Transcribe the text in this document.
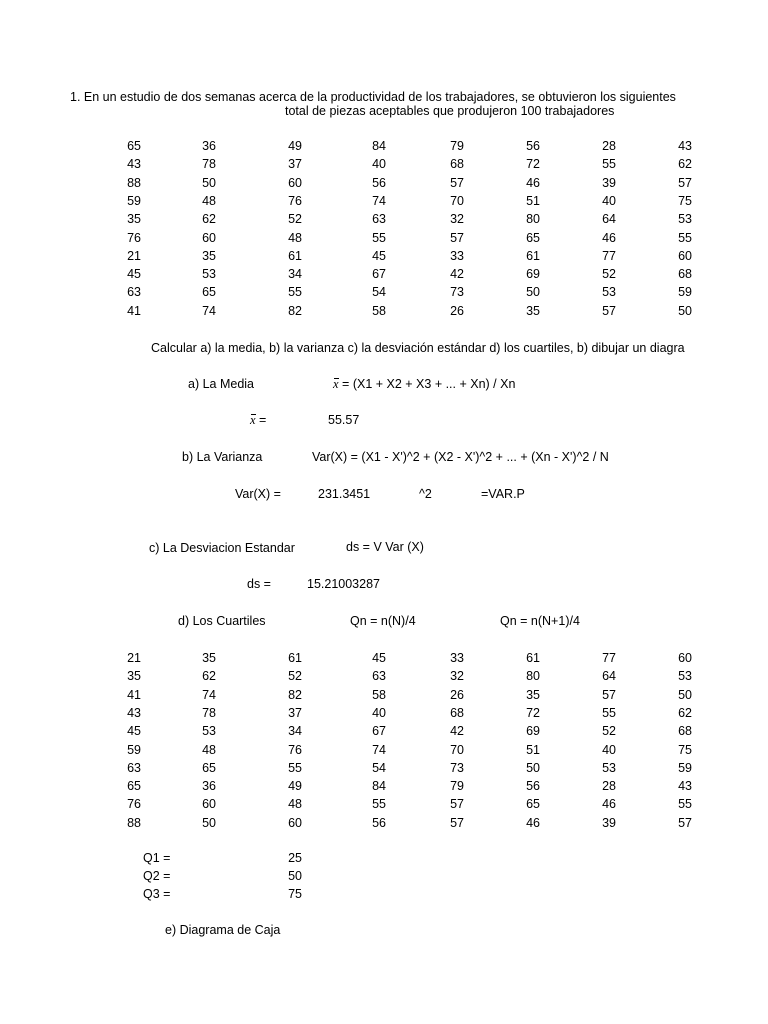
1. En un estudio de dos semanas acerca de la productividad de los trabajadores, se obtuvieron los siguientes
total de piezas aceptables que produjeron 100 trabajadores
65	36	49	84	79	56	28	43
43	78	37	40	68	72	55	62
88	50	60	56	57	46	39	57
59	48	76	74	70	51	40	75
35	62	52	63	32	80	64	53
76	60	48	55	57	65	46	55
21	35	61	45	33	61	77	60
45	53	34	67	42	69	52	68
63	65	55	54	73	50	53	59
41	74	82	58	26	35	57	50
Calcular a) la media, b) la varianza c) la desviación estándar d) los cuartiles, b) dibujar un diagra
a) La Media	x = (X1 + X2 + X3 + ... + Xn) / Xn
x =	55.57
b) La Varianza	Var(X) = (X1 - X')^2 + (X2 - X')^2 + ... + (Xn - X')^2 / N
Var(X) =	231.3451	^2	=VAR.P
c) La Desviacion Estandar	ds = V Var (X)
ds =	15.21003287
d) Los Cuartiles	Qn = n(N)/4	Qn = n(N+1)/4
21	35	61	45	33	61	77	60
35	62	52	63	32	80	64	53
41	74	82	58	26	35	57	50
43	78	37	40	68	72	55	62
45	53	34	67	42	69	52	68
59	48	76	74	70	51	40	75
63	65	55	54	73	50	53	59
65	36	49	84	79	56	28	43
76	60	48	55	57	65	46	55
88	50	60	56	57	46	39	57
Q1 =	25
Q2 =	50
Q3 =	75
e) Diagrama de Caja
